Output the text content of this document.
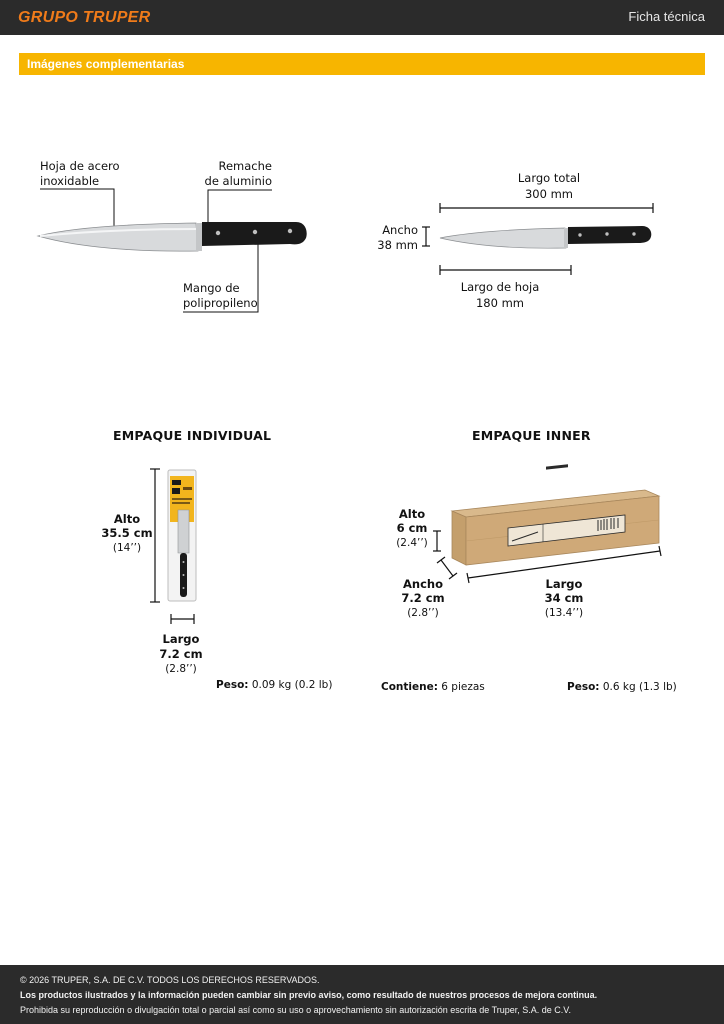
GRUPO TRUPER	Ficha técnica
Imágenes complementarias
Hoja de acero
inoxidable
Remache
de aluminio
Mango de
polipropileno
Largo total
300 mm
Ancho
38 mm
Largo de hoja
180 mm
EMPAQUE INDIVIDUAL
Alto
35.5 cm
(14’’)
Largo
7.2 cm
(2.8’’)
Peso: 0.09 kg (0.2 lb)
EMPAQUE INNER
Alto
6 cm
(2.4’’)
Ancho
7.2 cm
(2.8’’)
Largo
34 cm
(13.4’’)
Contiene: 6 piezas	Peso: 0.6 kg (1.3 lb)
© 2026 TRUPER, S.A. DE C.V. TODOS LOS DERECHOS RESERVADOS.
Los productos ilustrados y la información pueden cambiar sin previo aviso, como resultado de nuestros procesos de mejora continua.
Prohibida su reproducción o divulgación total o parcial así como su uso o aprovechamiento sin autorización escrita de Truper, S.A. de C.V.
